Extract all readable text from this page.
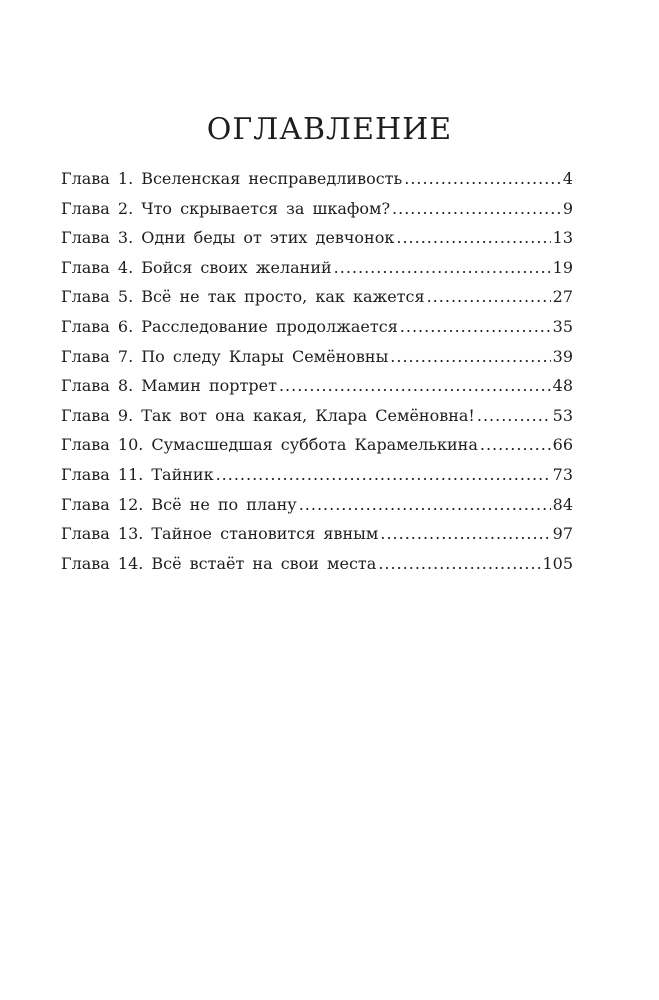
ОГЛАВЛЕНИЕ
Глава 1. Вселенская несправедливость .....	4
Глава 2. Что скрывается за шкафом? .....	9
Глава 3. Одни беды от этих девчонок .....	13
Глава 4. Бойся своих желаний .....	19
Глава 5. Всё не так просто, как кажется .....	27
Глава 6. Расследование продолжается .....	35
Глава 7. По следу Клары Семёновны .....	39
Глава 8. Мамин портрет .....	48
Глава 9. Так вот она какая, Клара Семёновна! .....	53
Глава 10. Сумасшедшая суббота Карамелькина .....	66
Глава 11. Тайник .....	73
Глава 12. Всё не по плану .....	84
Глава 13. Тайное становится явным .....	97
Глава 14. Всё встаёт на свои места .....	105
